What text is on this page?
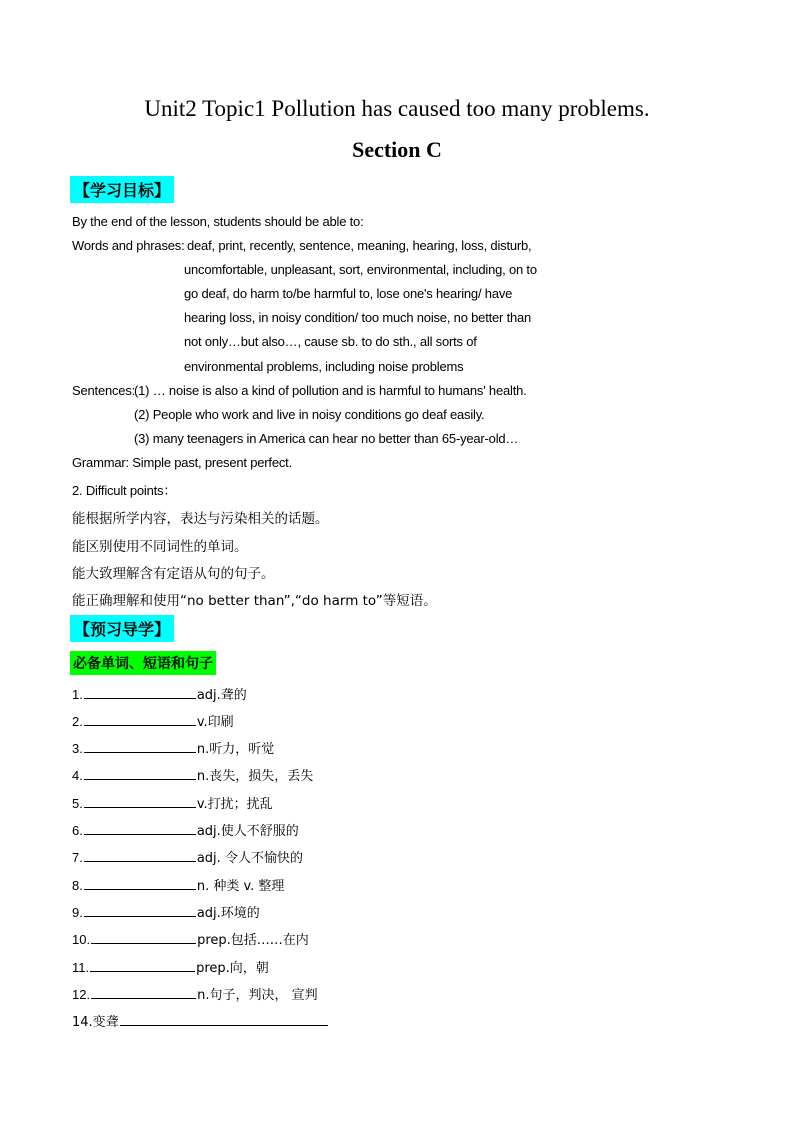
Unit2 Topic1 Pollution has caused too many problems.
Section C
【学习目标】
By the end of the lesson, students should be able to:
Words and phrases: deaf, print, recently, sentence, meaning, hearing, loss, disturb,
uncomfortable, unpleasant, sort, environmental, including, on to
go deaf, do harm to/be harmful to, lose one's hearing/ have
hearing loss, in noisy condition/ too much noise, no better than
not only…but also…, cause sb. to do sth., all sorts of
environmental problems, including noise problems
Sentences:
(1) … noise is also a kind of pollution and is harmful to humans' health.
(2) People who work and live in noisy conditions go deaf easily.
(3) many teenagers in America can hear no better than 65-year-old…
Grammar: Simple past, present perfect.
2. Difficult points：
能根据所学内容，表达与污染相关的话题。
能区别使用不同词性的单词。
能大致理解含有定语从句的句子。
能正确理解和使用“no better than”,“do harm to”等短语。
【预习导学】
必备单词、短语和句子
1.	adj.聋的
2.	v.印刷
3.	n.听力，听觉
4.	n.丧失，损失，丢失
5.	v.打扰；扰乱
6.	adj.使人不舒服的
7.	adj. 令人不愉快的
8.	n. 种类 v. 整理
9.	adj.环境的
10.	prep.包括……在内
11.	prep.向，朝
12.	n.句子，判决， 宣判
14.变聋
